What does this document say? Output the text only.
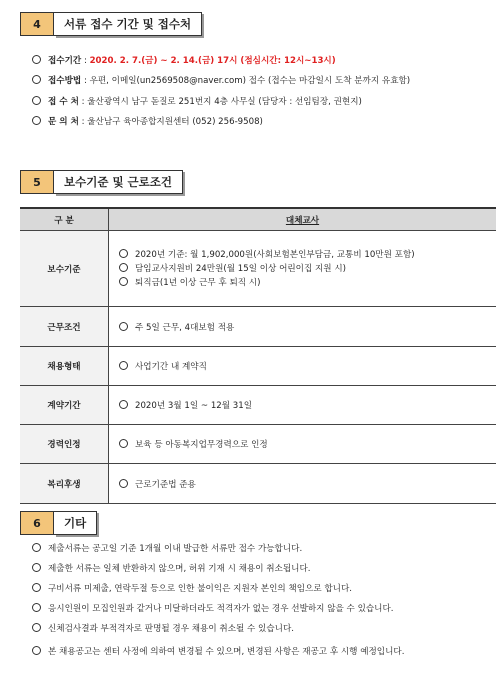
4	서류 접수 기간 및 접수처
접수기간 : 2020. 2. 7.(금) ~ 2. 14.(금) 17시 (점심시간: 12시~13시)
접수방법 : 우편, 이메일(un2569508@naver.com) 접수 (접수는 마감일시 도착 분까지 유효함)
접 수 처 : 울산광역시 남구 돋질로 251번지 4층 사무실 (담당자 : 선임팀장, 권현지)
문 의 처 : 울산남구 육아종합지원센터 (052) 256-9508)
5	보수기준 및 근로조건
구 분	대체교사
보수기준	2020년 기준: 월 1,902,000원(사회보험본인부담금, 교통비 10만원 포함)
담임교사지원비 24만원(월 15일 이상 어린이집 지원 시)
퇴직금(1년 이상 근무 후 퇴직 시)

근무조건	주 5일 근무, 4대보험 적용
채용형태	사업기간 내 계약직
계약기간	2020년 3월 1일 ~ 12월 31일
경력인정	보육 등 아동복지업무경력으로 인정
복리후생	근로기준법 준용
6	기타
제출서류는 공고일 기준 1개월 이내 발급한 서류만 접수 가능합니다.
제출한 서류는 일체 반환하지 않으며, 허위 기재 시 채용이 취소됩니다.
구비서류 미제출, 연락두절 등으로 인한 불이익은 지원자 본인의 책임으로 합니다.
응시인원이 모집인원과 같거나 미달하더라도 적격자가 없는 경우 선발하지 않을 수 있습니다.
신체검사결과 부적격자로 판명될 경우 채용이 취소될 수 있습니다.
본 채용공고는 센터 사정에 의하여 변경될 수 있으며, 변경된 사항은 재공고 후 시행 예정입니다.
